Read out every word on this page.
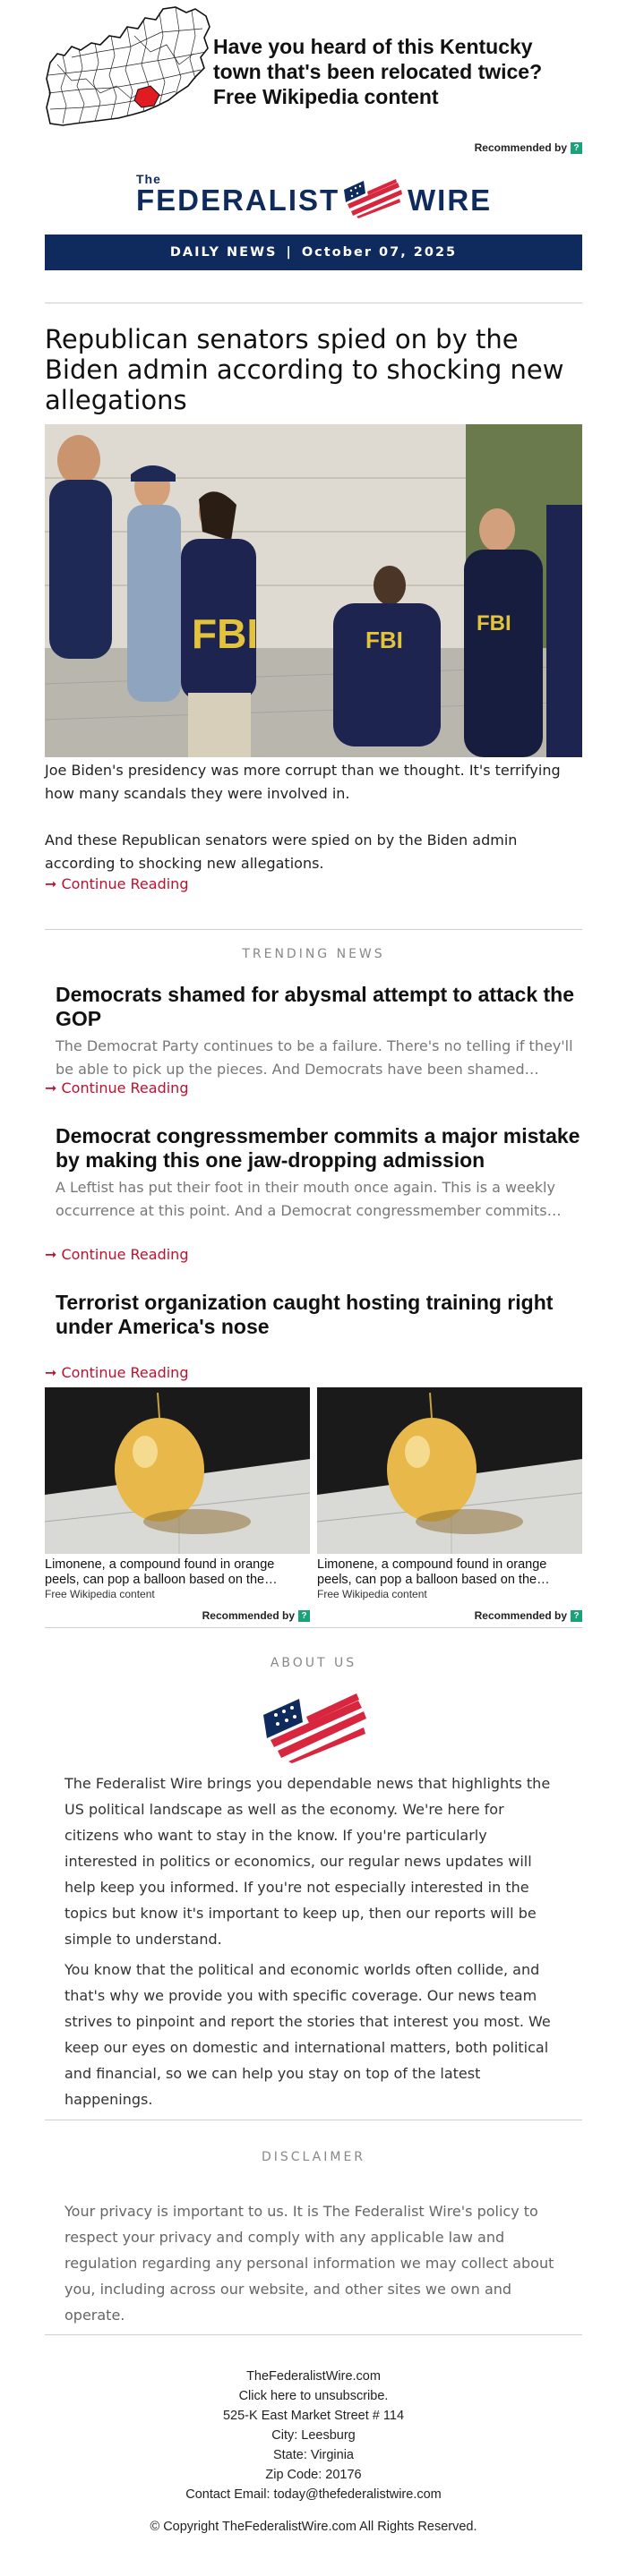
Have you heard of this Kentucky town that's been relocated twice? Free Wikipedia content
Recommended by ?
The
FEDERALIST WIRE
DAILY NEWS | October 07, 2025
Republican senators spied on by the Biden admin according to shocking new allegations
FBI	FBI
FBI

Joe Biden's presidency was more corrupt than we thought. It's terrifying how many scandals they were involved in.

And these Republican senators were spied on by the Biden admin according to shocking new allegations.

➞ Continue Reading
TRENDING NEWS
Democrats shamed for abysmal attempt to attack the GOP
The Democrat Party continues to be a failure. There's no telling if they'll be able to pick up the pieces. And Democrats have been shamed…
➞ Continue Reading
Democrat congressmember commits a major mistake by making this one jaw-dropping admission
A Leftist has put their foot in their mouth once again. This is a weekly occurrence at this point. And a Democrat congressmember commits…
➞ Continue Reading
Terrorist organization caught hosting training right under America's nose
➞ Continue Reading
Limonene, a compound found in orange peels, can pop a balloon based on the…
Free Wikipedia content
Recommended by ?
Limonene, a compound found in orange peels, can pop a balloon based on the…
Free Wikipedia content
Recommended by ?
ABOUT US

The Federalist Wire brings you dependable news that highlights the US political landscape as well as the economy. We're here for citizens who want to stay in the know. If you're particularly interested in politics or economics, our regular news updates will help keep you informed. If you're not especially interested in the topics but know it's important to keep up, then our reports will be simple to understand.

You know that the political and economic worlds often collide, and that's why we provide you with specific coverage. Our news team strives to pinpoint and report the stories that interest you most. We keep our eyes on domestic and international matters, both political and financial, so we can help you stay on top of the latest happenings.

DISCLAIMER

Your privacy is important to us. It is The Federalist Wire's policy to respect your privacy and comply with any applicable law and regulation regarding any personal information we may collect about you, including across our website, and other sites we own and operate.

TheFederalistWire.com
Click here to unsubscribe.
525-K East Market Street # 114
City: Leesburg
State: Virginia
Zip Code: 20176
Contact Email: today@thefederalistwire.com
© Copyright TheFederalistWire.com All Rights Reserved.
